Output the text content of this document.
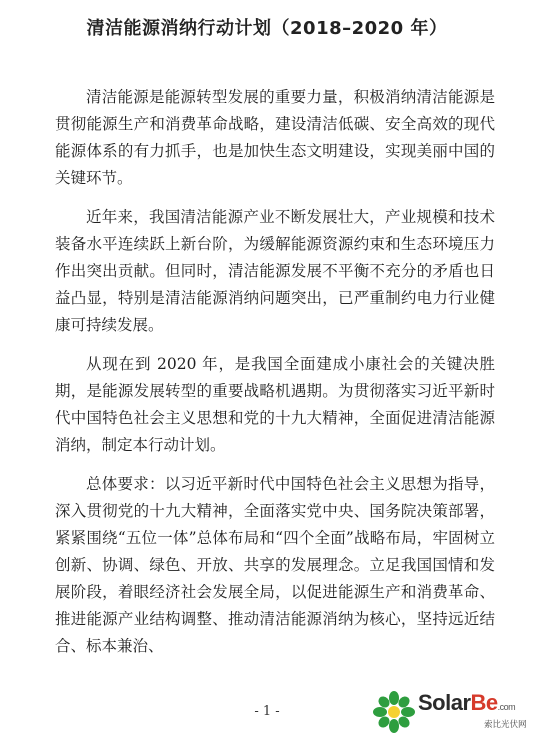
清洁能源消纳行动计划（2018–2020 年）

清洁能源是能源转型发展的重要力量，积极消纳清洁能源是贯彻能源生产和消费革命战略，建设清洁低碳、安全高效的现代能源体系的有力抓手，也是加快生态文明建设，实现美丽中国的关键环节。

近年来，我国清洁能源产业不断发展壮大，产业规模和技术装备水平连续跃上新台阶，为缓解能源资源约束和生态环境压力作出突出贡献。但同时，清洁能源发展不平衡不充分的矛盾也日益凸显，特别是清洁能源消纳问题突出，已严重制约电力行业健康可持续发展。

从现在到 2020 年，是我国全面建成小康社会的关键决胜期，是能源发展转型的重要战略机遇期。为贯彻落实习近平新时代中国特色社会主义思想和党的十九大精神，全面促进清洁能源消纳，制定本行动计划。

总体要求：以习近平新时代中国特色社会主义思想为指导，深入贯彻党的十九大精神，全面落实党中央、国务院决策部署，紧紧围绕“五位一体”总体布局和“四个全面”战略布局，牢固树立创新、协调、绿色、开放、共享的发展理念。立足我国国情和发展阶段，着眼经济社会发展全局，以促进能源生产和消费革命、推进能源产业结构调整、推动清洁能源消纳为核心，坚持远近结合、标本兼治、

- 1 -	SolarBe.com
索比光伏网
